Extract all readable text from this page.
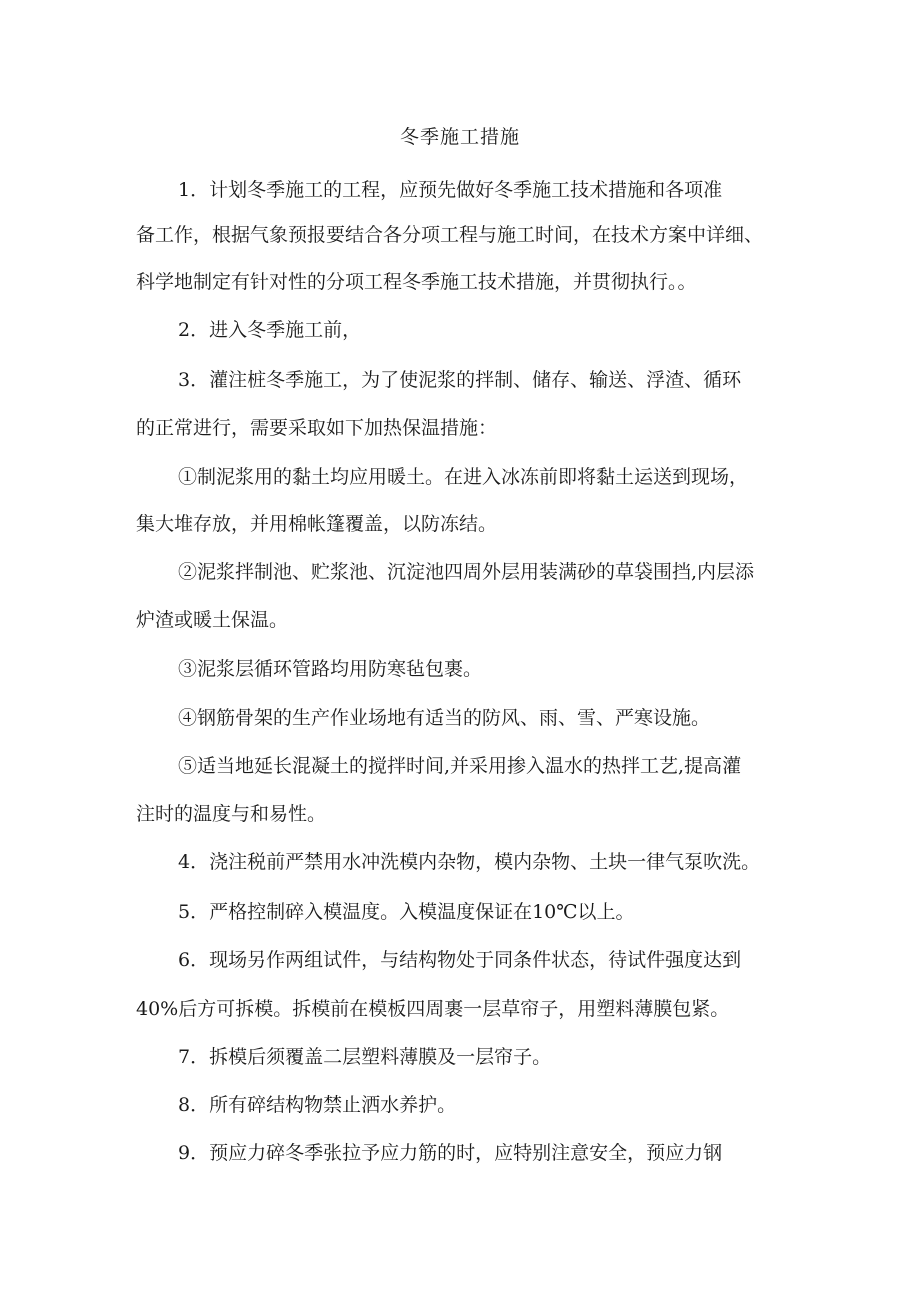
冬季施工措施
1．计划冬季施工的工程，应预先做好冬季施工技术措施和各项准
备工作，根据气象预报要结合各分项工程与施工时间，在技术方案中详细、
科学地制定有针对性的分项工程冬季施工技术措施，并贯彻执行。。
2．进入冬季施工前，
3．灌注桩冬季施工，为了使泥浆的拌制、储存、输送、浮渣、循环
的正常进行，需要采取如下加热保温措施：
①制泥浆用的黏土均应用暖土。在进入冰冻前即将黏土运送到现场，
集大堆存放，并用棉帐篷覆盖，以防冻结。
②泥浆拌制池、贮浆池、沉淀池四周外层用装满砂的草袋围挡,内层添
炉渣或暖土保温。
③泥浆层循环管路均用防寒毡包裹。
④钢筋骨架的生产作业场地有适当的防风、雨、雪、严寒设施。
⑤适当地延长混凝土的搅拌时间,并采用掺入温水的热拌工艺,提高灌
注时的温度与和易性。
4．浇注税前严禁用水冲洗模内杂物，模内杂物、土块一律气泵吹洗。
5．严格控制碎入模温度。入模温度保证在10℃以上。
6．现场另作两组试件，与结构物处于同条件状态，待试件强度达到
40%后方可拆模。拆模前在模板四周裹一层草帘子，用塑料薄膜包紧。
7．拆模后须覆盖二层塑料薄膜及一层帘子。
8．所有碎结构物禁止洒水养护。
9．预应力碎冬季张拉予应力筋的时，应特别注意安全，预应力钢
